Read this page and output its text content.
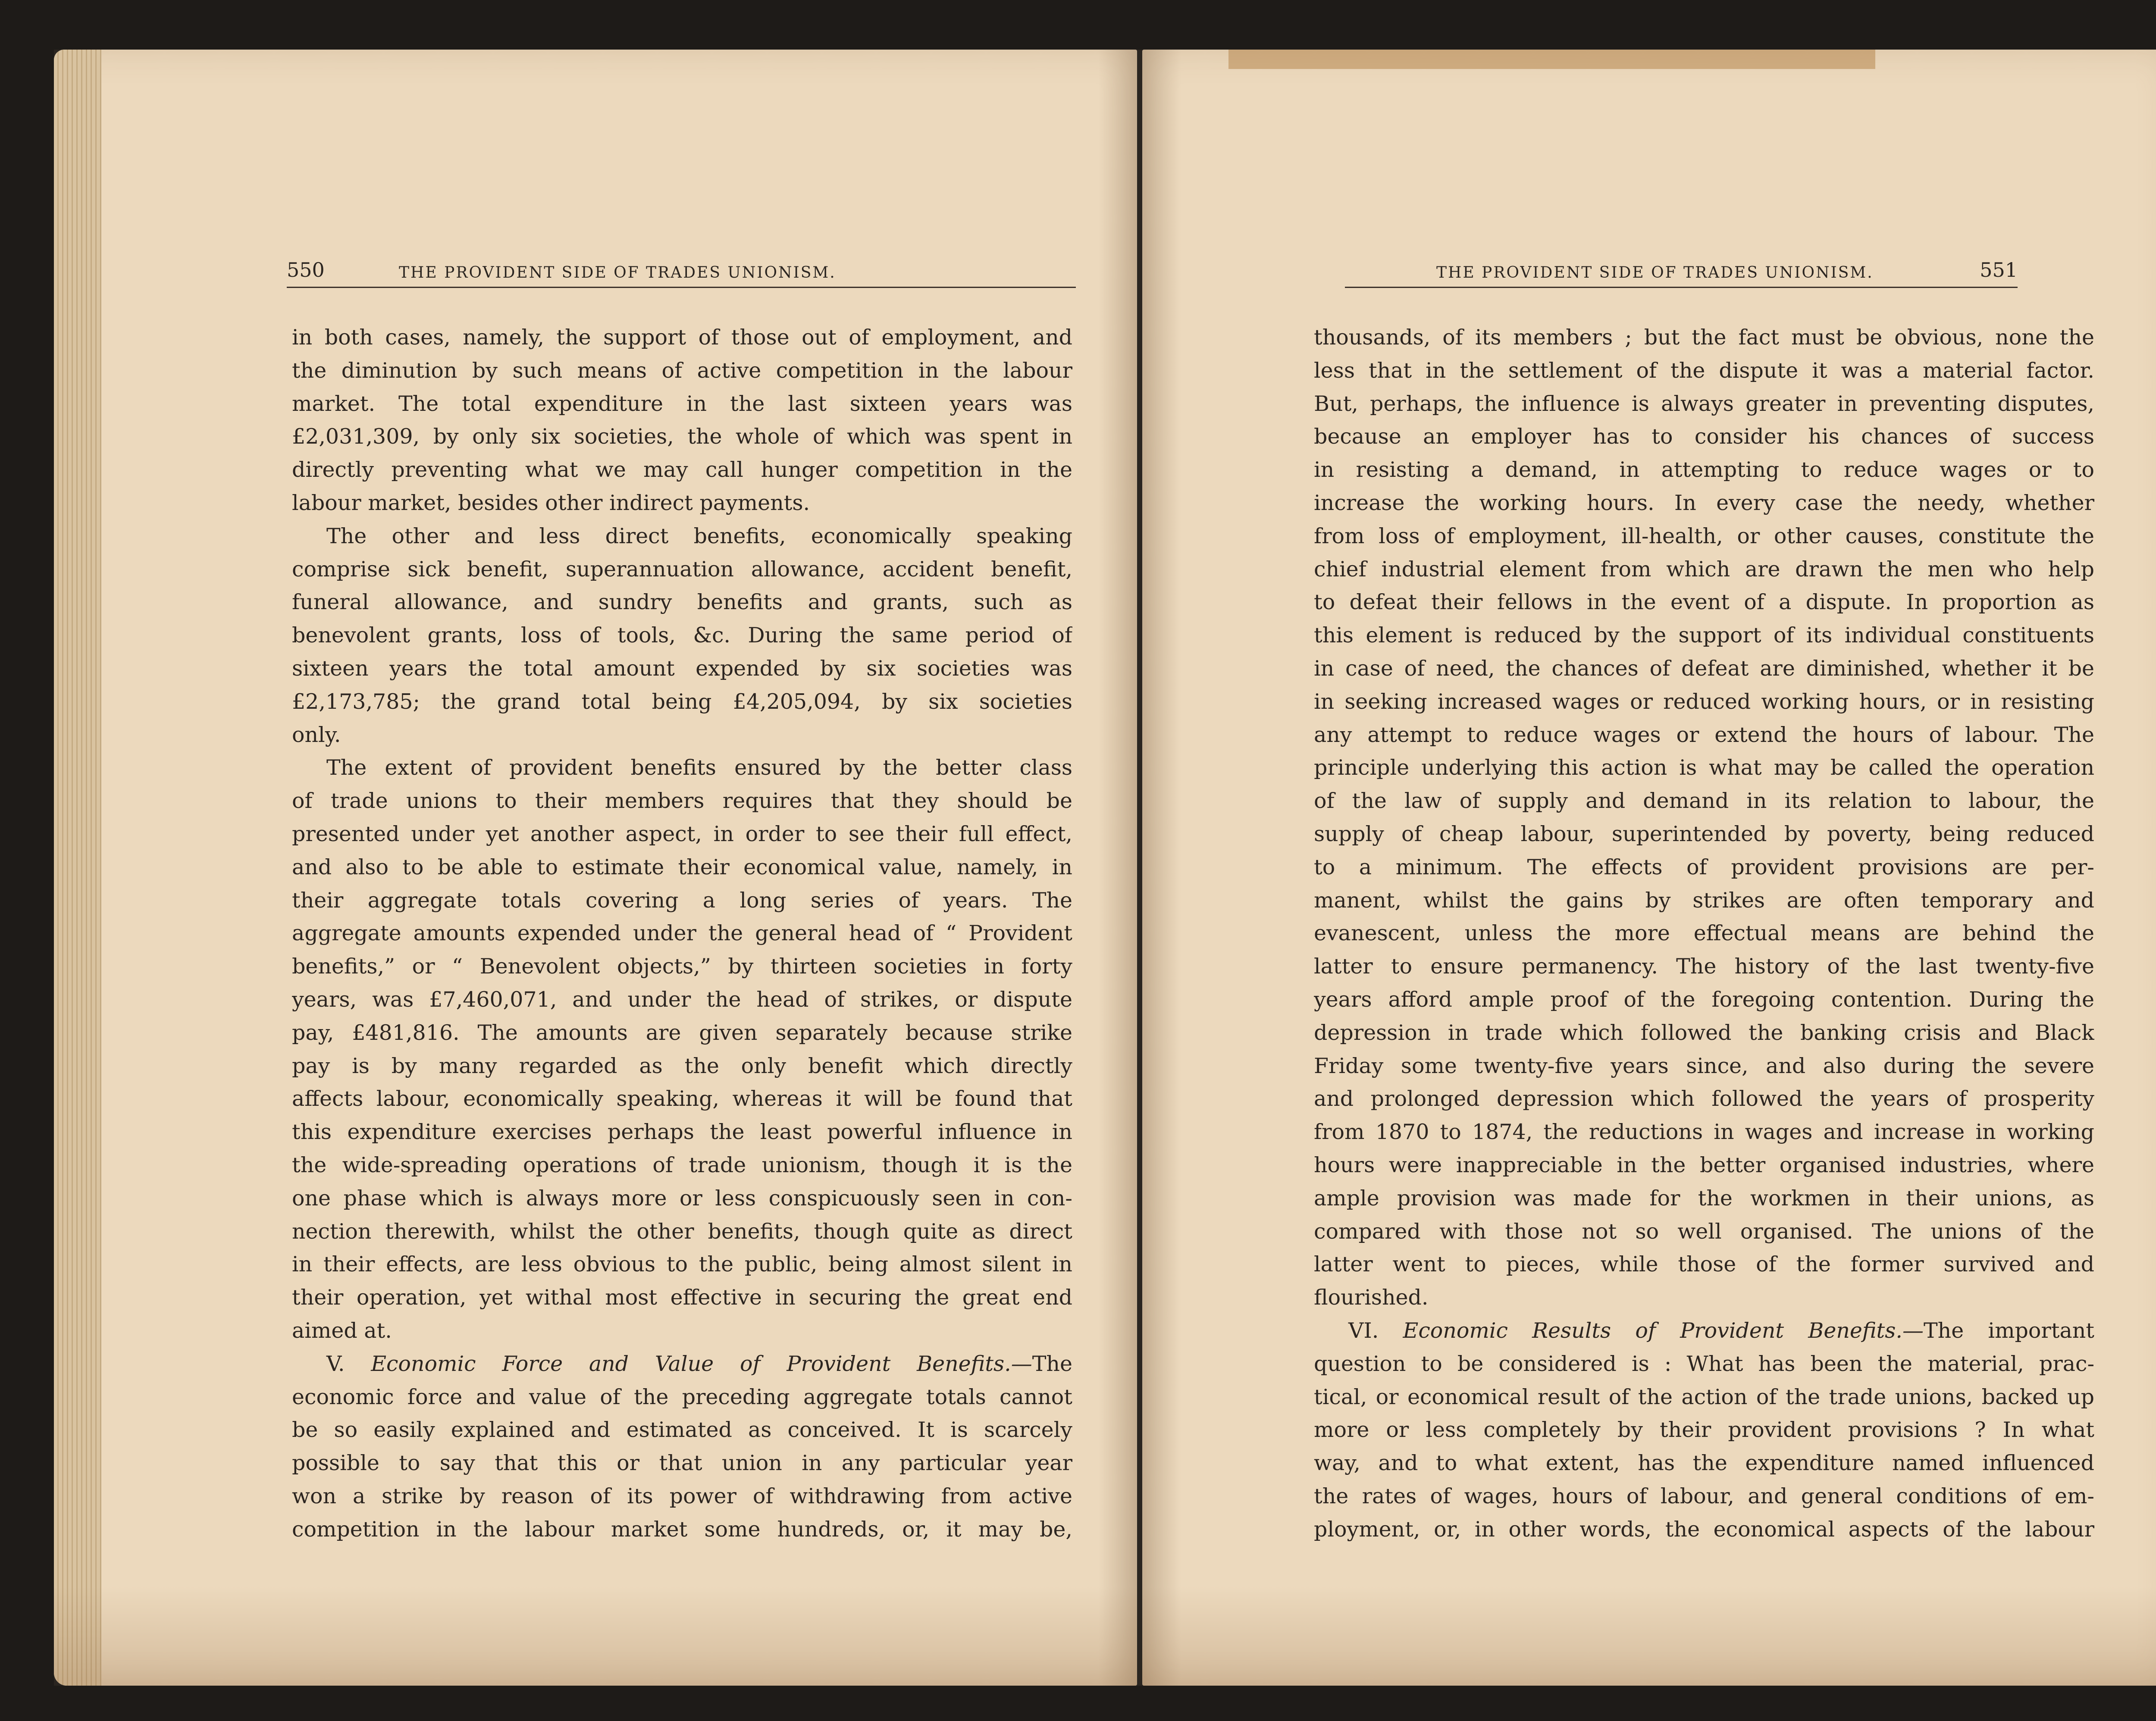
550	THE PROVIDENT SIDE OF TRADES UNIONISM.
in both cases, namely, the support of those out of employment, and
the diminution by such means of active competition in the labour
market. The total expenditure in the last sixteen years was
£2,031,309, by only six societies, the whole of which was spent in
directly preventing what we may call hunger competition in the
labour market, besides other indirect payments.
The other and less direct benefits, economically speaking
comprise sick benefit, superannuation allowance, accident benefit,
funeral allowance, and sundry benefits and grants, such as
benevolent grants, loss of tools, &c. During the same period of
sixteen years the total amount expended by six societies was
£2,173,785; the grand total being £4,205,094, by six societies
only.
The extent of provident benefits ensured by the better class
of trade unions to their members requires that they should be
presented under yet another aspect, in order to see their full effect,
and also to be able to estimate their economical value, namely, in
their aggregate totals covering a long series of years. The
aggregate amounts expended under the general head of “ Provident
benefits,” or “ Benevolent objects,” by thirteen societies in forty
years, was £7,460,071, and under the head of strikes, or dispute
pay, £481,816. The amounts are given separately because strike
pay is by many regarded as the only benefit which directly
affects labour, economically speaking, whereas it will be found that
this expenditure exercises perhaps the least powerful influence in
the wide-spreading operations of trade unionism, though it is the
one phase which is always more or less conspicuously seen in con-
nection therewith, whilst the other benefits, though quite as direct
in their effects, are less obvious to the public, being almost silent in
their operation, yet withal most effective in securing the great end
aimed at.
V. Economic Force and Value of Provident Benefits.—The
economic force and value of the preceding aggregate totals cannot
be so easily explained and estimated as conceived. It is scarcely
possible to say that this or that union in any particular year
won a strike by reason of its power of withdrawing from active
competition in the labour market some hundreds, or, it may be,
THE PROVIDENT SIDE OF TRADES UNIONISM.	551
thousands, of its members ; but the fact must be obvious, none the
less that in the settlement of the dispute it was a material factor.
But, perhaps, the influence is always greater in preventing disputes,
because an employer has to consider his chances of success
in resisting a demand, in attempting to reduce wages or to
increase the working hours. In every case the needy, whether
from loss of employment, ill-health, or other causes, constitute the
chief industrial element from which are drawn the men who help
to defeat their fellows in the event of a dispute. In proportion as
this element is reduced by the support of its individual constituents
in case of need, the chances of defeat are diminished, whether it be
in seeking increased wages or reduced working hours, or in resisting
any attempt to reduce wages or extend the hours of labour. The
principle underlying this action is what may be called the operation
of the law of supply and demand in its relation to labour, the
supply of cheap labour, superintended by poverty, being reduced
to a minimum. The effects of provident provisions are per-
manent, whilst the gains by strikes are often temporary and
evanescent, unless the more effectual means are behind the
latter to ensure permanency. The history of the last twenty-five
years afford ample proof of the foregoing contention. During the
depression in trade which followed the banking crisis and Black
Friday some twenty-five years since, and also during the severe
and prolonged depression which followed the years of prosperity
from 1870 to 1874, the reductions in wages and increase in working
hours were inappreciable in the better organised industries, where
ample provision was made for the workmen in their unions, as
compared with those not so well organised. The unions of the
latter went to pieces, while those of the former survived and
flourished.
VI. Economic Results of Provident Benefits.—The important
question to be considered is : What has been the material, prac-
tical, or economical result of the action of the trade unions, backed up
more or less completely by their provident provisions ? In what
way, and to what extent, has the expenditure named influenced
the rates of wages, hours of labour, and general conditions of em-
ployment, or, in other words, the economical aspects of the labour
